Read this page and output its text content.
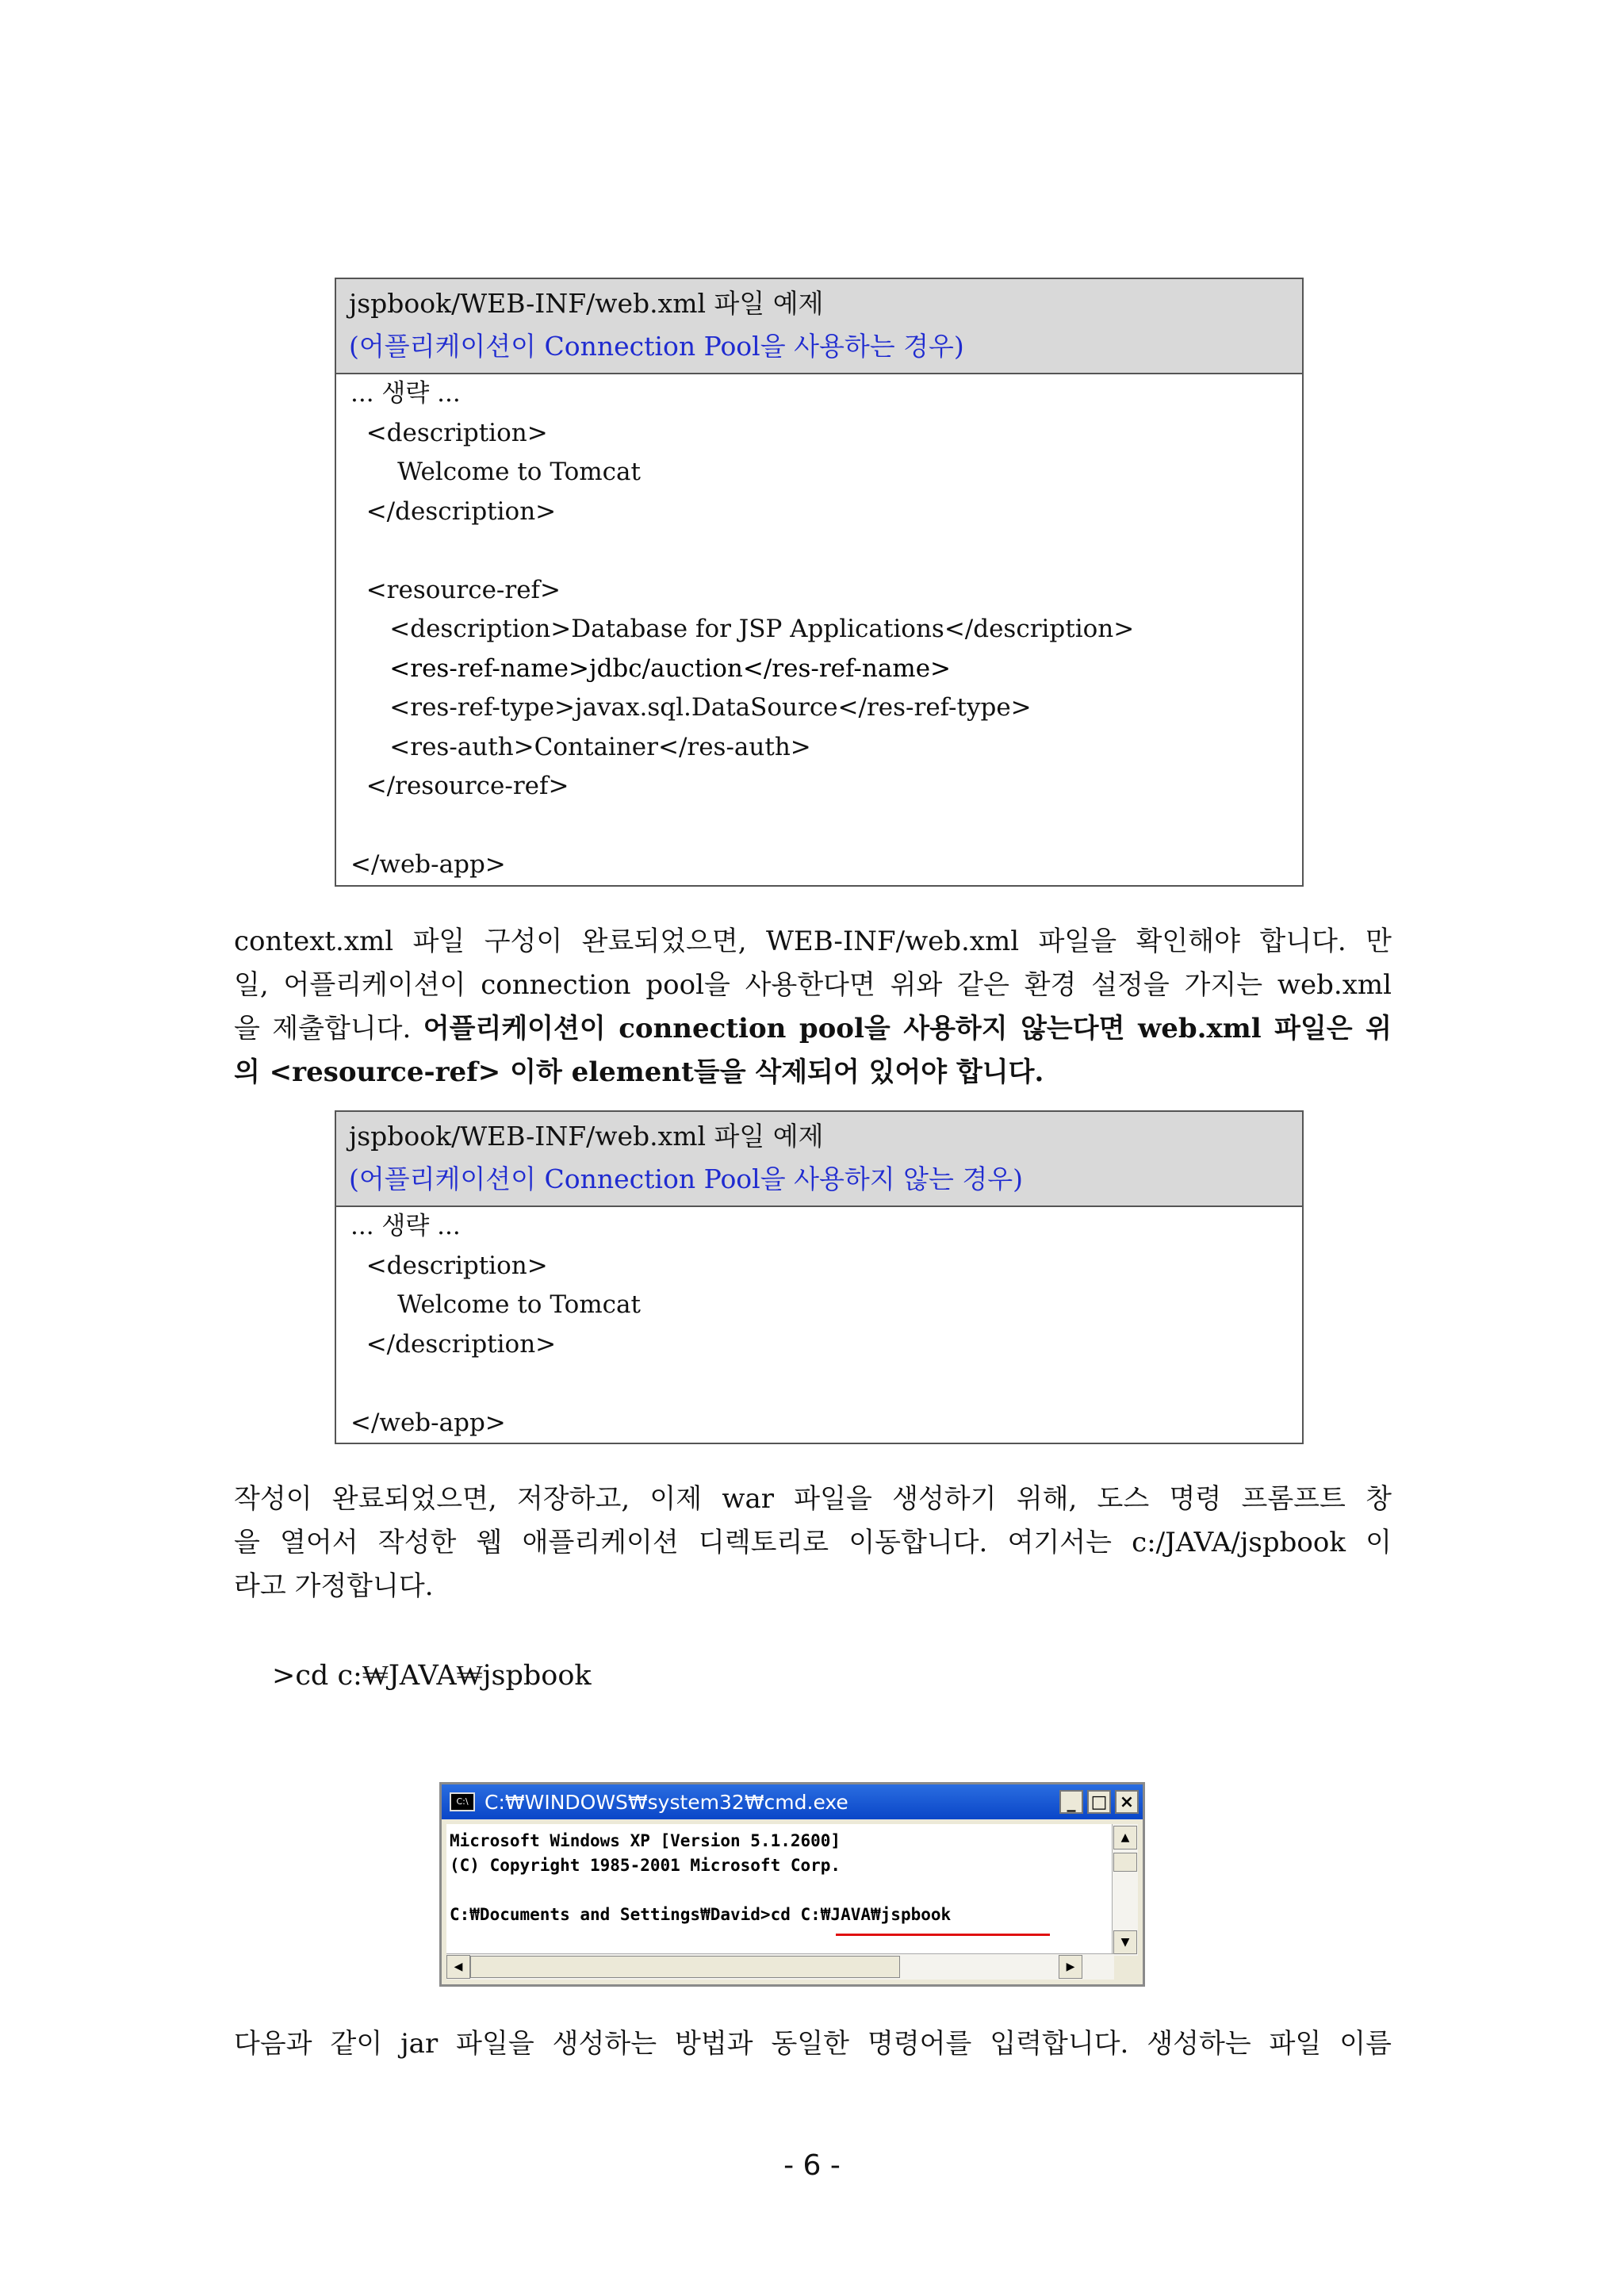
jspbook/WEB-INF/web.xml 파일 예제
(어플리케이션이 Connection Pool을 사용하는 경우)
... 생략 ...
<description>
Welcome to Tomcat
</description>
<resource-ref>
<description>Database for JSP Applications</description>
<res-ref-name>jdbc/auction</res-ref-name>
<res-ref-type>javax.sql.DataSource</res-ref-type>
<res-auth>Container</res-auth>
</resource-ref>
</web-app>
context.xml 파일 구성이 완료되었으면, WEB-INF/web.xml 파일을 확인해야 합니다. 만
일, 어플리케이션이 connection pool을 사용한다면 위와 같은 환경 설정을 가지는 web.xml
을 제출합니다. 어플리케이션이 connection pool을 사용하지 않는다면 web.xml 파일은 위
의 <resource-ref> 이하 element들을 삭제되어 있어야 합니다.
jspbook/WEB-INF/web.xml 파일 예제
(어플리케이션이 Connection Pool을 사용하지 않는 경우)
... 생략 ...
<description>
Welcome to Tomcat
</description>
</web-app>
작성이 완료되었으면, 저장하고, 이제 war 파일을 생성하기 위해, 도스 명령 프롬프트 창
을 열어서 작성한 웹 애플리케이션 디렉토리로 이동합니다. 여기서는 c:/JAVA/jspbook 이
라고 가정합니다.
>cd c:₩JAVA₩jspbook
C:\ C:₩WINDOWS₩system32₩cmd.exe	_ □ ×
Microsoft Windows XP [Version 5.1.2600]
(C) Copyright 1985-2001 Microsoft Corp.
C:₩Documents and Settings₩David>cd C:₩JAVA₩jspbook
▲
▼
◀	▶
다음과 같이 jar 파일을 생성하는 방법과 동일한 명령어를 입력합니다. 생성하는 파일 이름
- 6 -
